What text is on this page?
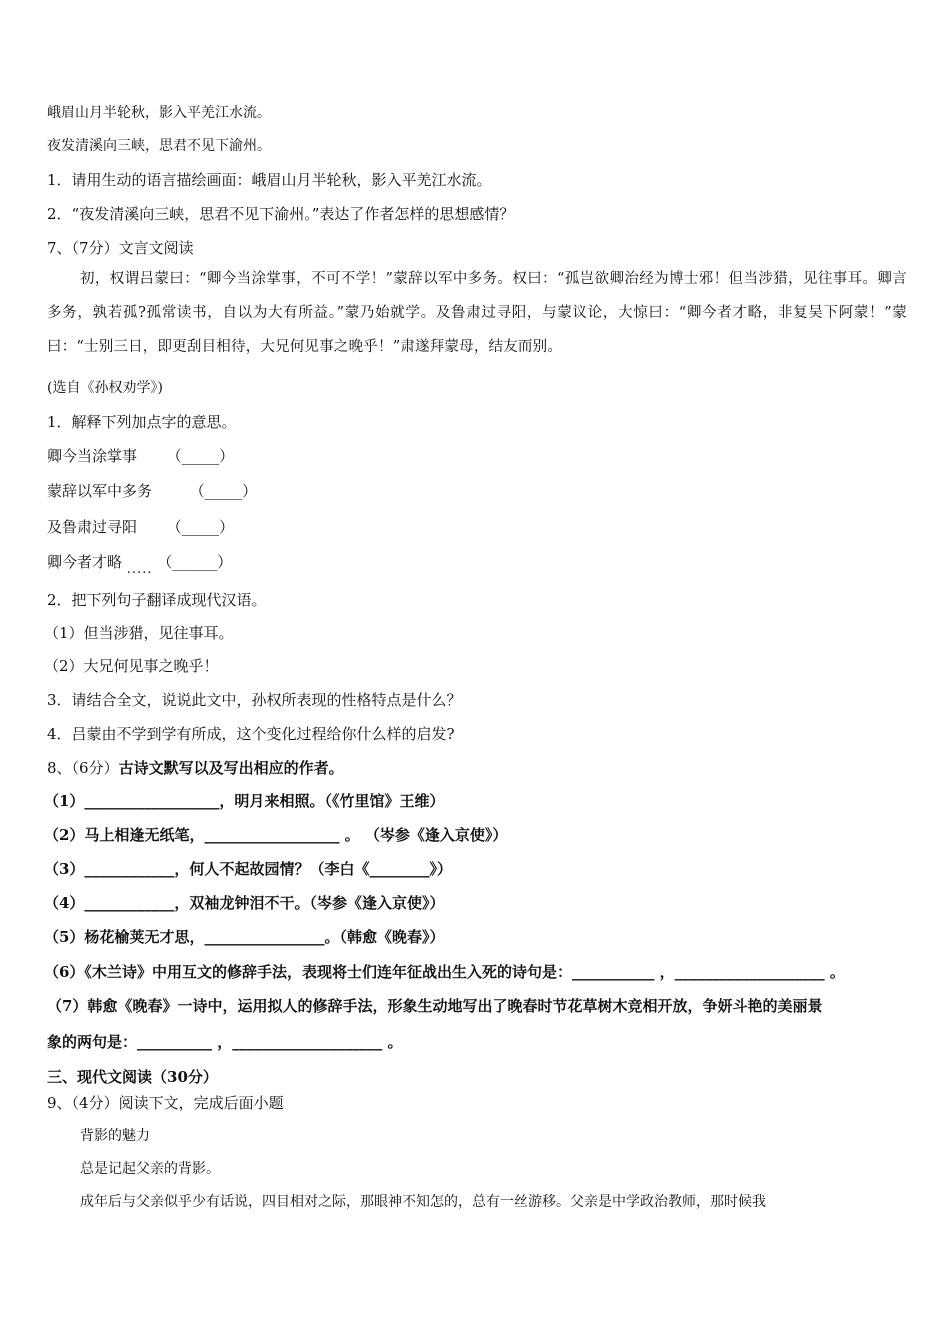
峨眉山月半轮秋，影入平羌江水流。
夜发清溪向三峡，思君不见下渝州。
1．请用生动的语言描绘画面：峨眉山月半轮秋，影入平羌江水流。
2．“夜发清溪向三峡，思君不见下渝州。”表达了作者怎样的思想感情？
7、（7分）文言文阅读
初，权谓吕蒙曰：“卿今当涂掌事，不可不学！”蒙辞以军中多务。权曰：“孤岂欲卿治经为博士邪！但当涉猎，见往事耳。卿言多务，孰若孤?孤常读书，自以为大有所益。”蒙乃始就学。及鲁肃过寻阳，与蒙议论，大惊曰：“卿今者才略，非复吴下阿蒙！”蒙曰：“士别三日，即更刮目相待，大兄何见事之晚乎！”肃遂拜蒙母，结友而别。
(选自《孙权劝学》)
1．解释下列加点字的意思。
卿今当涂掌事 （_____）
蒙辞以军中多务	（_____）
及鲁肃过寻阳 （_____）
卿今者才略 ..... （______）
2．把下列句子翻译成现代汉语。
（1）但当涉猎，见往事耳。
（2）大兄何见事之晚乎！
3．请结合全文，说说此文中，孙权所表现的性格特点是什么？
4．吕蒙由不学到学有所成，这个变化过程给你什么样的启发?
8、（6分）古诗文默写以及写出相应的作者。
（1）__________________，明月来相照。（《竹里馆》王维）
（2）马上相逢无纸笔，__________________ 。 （岑参《逢入京使》）
（3）____________，何人不起故园情？（李白《________》）
（4）____________，双袖龙钟泪不干。（岑参《逢入京使》）
（5）杨花榆荚无才思，________________。（韩愈《晚春》）
（6）《木兰诗》中用互文的修辞手法，表现将士们连年征战出生入死的诗句是：___________ ，____________________ 。
（7）韩愈《晚春》一诗中，运用拟人的修辞手法，形象生动地写出了晚春时节花草树木竞相开放，争妍斗艳的美丽景
象的两句是：__________ ，____________________ 。
三、现代文阅读（30分）
9、（4分）阅读下文，完成后面小题
背影的魅力
总是记起父亲的背影。
成年后与父亲似乎少有话说，四目相对之际，那眼神不知怎的，总有一丝游移。父亲是中学政治教师，那时候我
